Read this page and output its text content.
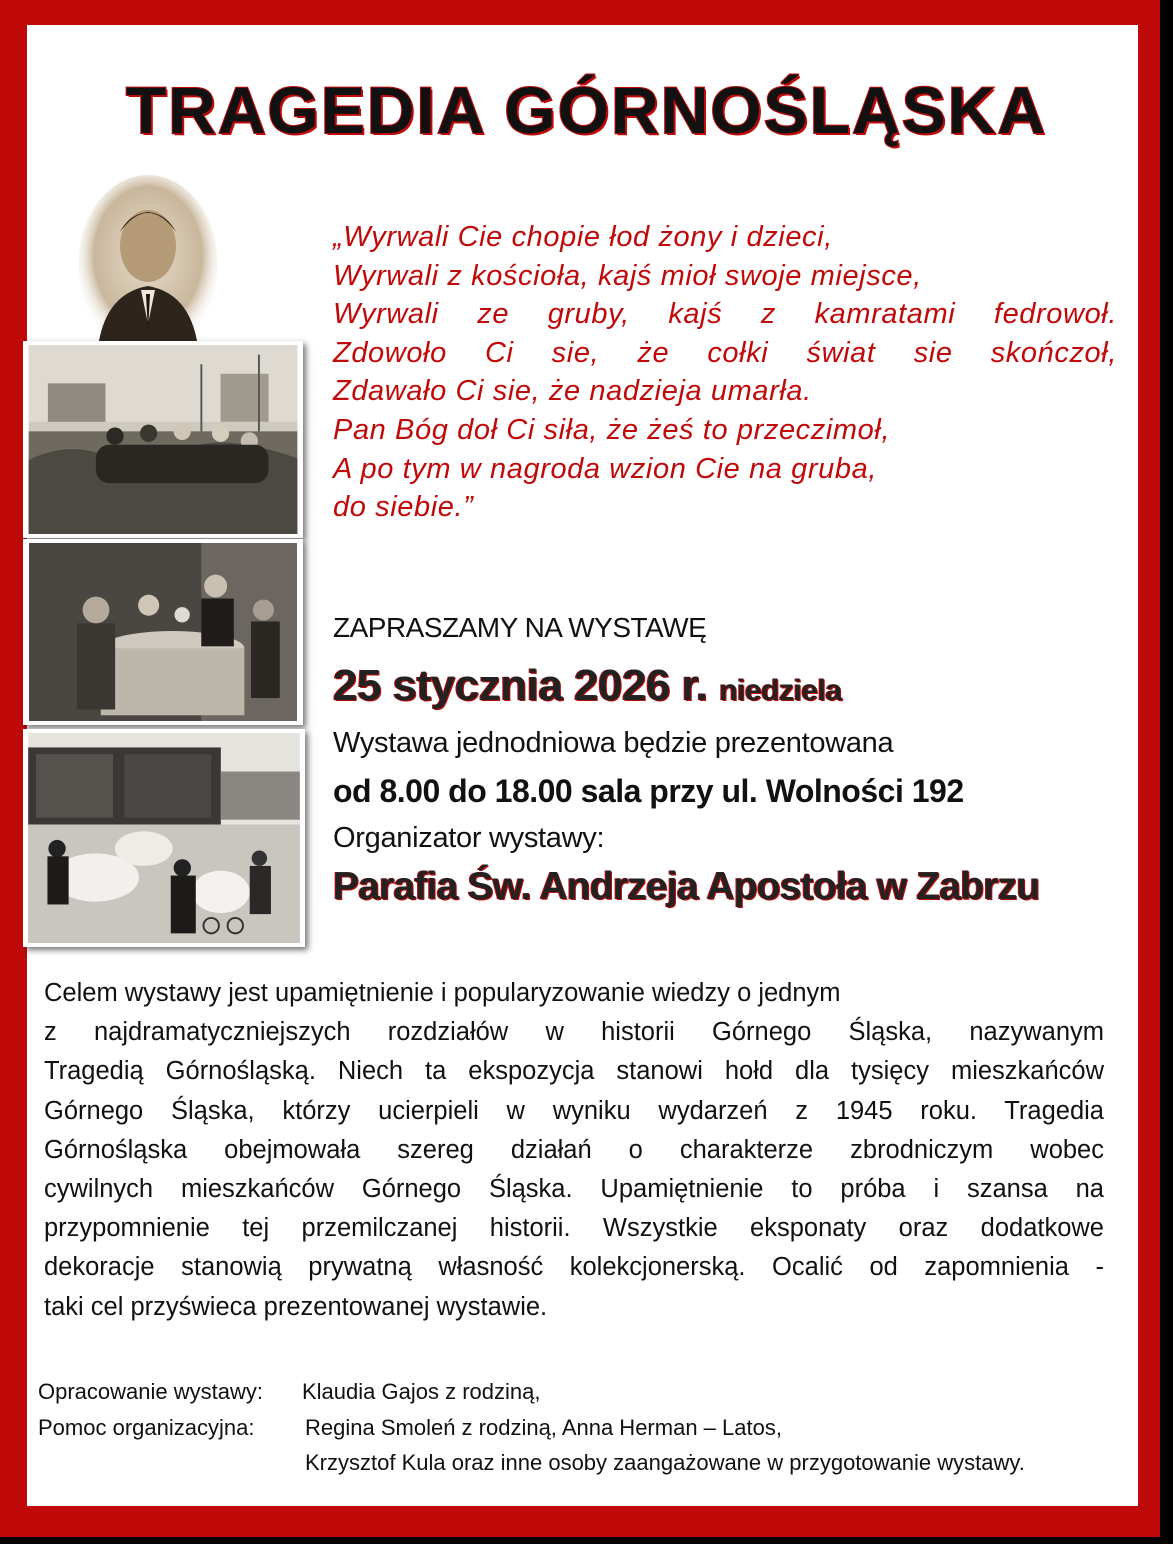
TRAGEDIA GÓRNOŚLĄSKA
„Wyrwali Cie chopie łod żony i dzieci,
Wyrwali z kościoła, kajś mioł swoje miejsce,
Wyrwali ze gruby, kajś z kamratami fedrowoł.
Zdowoło Ci sie, że cołki świat sie skończoł,
Zdawało Ci sie, że nadzieja umarła.
Pan Bóg doł Ci siła, że żeś to przeczimoł,
A po tym w nagroda wzion Cie na gruba,
do siebie.”
ZAPRASZAMY NA WYSTAWĘ
25 stycznia 2026 r. niedziela
Wystawa jednodniowa będzie prezentowana
od 8.00 do 18.00 sala przy ul. Wolności 192
Organizator wystawy:
Parafia Św. Andrzeja Apostoła w Zabrzu
Celem wystawy jest upamiętnienie i popularyzowanie wiedzy o jednym
z najdramatyczniejszych rozdziałów w historii Górnego Śląska, nazywanym
Tragedią Górnośląską. Niech ta ekspozycja stanowi hołd dla tysięcy mieszkańców
Górnego Śląska, którzy ucierpieli w wyniku wydarzeń z 1945 roku. Tragedia
Górnośląska obejmowała szereg działań o charakterze zbrodniczym wobec
cywilnych mieszkańców Górnego Śląska. Upamiętnienie to próba i szansa na
przypomnienie tej przemilczanej historii. Wszystkie eksponaty oraz dodatkowe
dekoracje stanowią prywatną własność kolekcjonerską. Ocalić od zapomnienia -
taki cel przyświeca prezentowanej wystawie.
Opracowanie wystawy: Klaudia Gajos z rodziną,
Pomoc organizacyjna: Regina Smoleń z rodziną, Anna Herman – Latos,
Krzysztof Kula oraz inne osoby zaangażowane w przygotowanie wystawy.
